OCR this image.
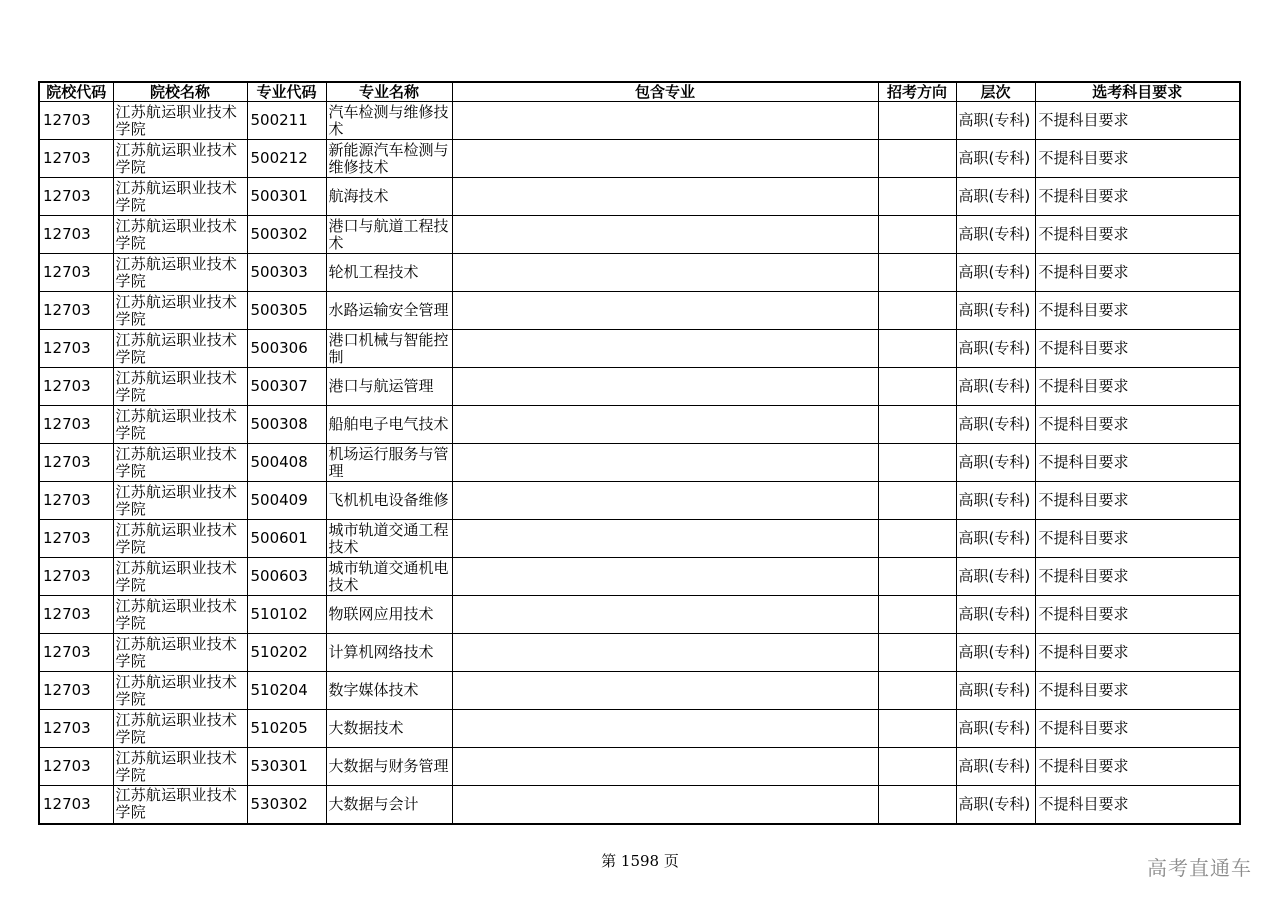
院校代码	院校名称	专业代码	专业名称	包含专业	招考方向	层次	选考科目要求
12703	江苏航运职业技术学院	500211	汽车检测与维修技术			高职(专科)	不提科目要求
12703	江苏航运职业技术学院	500212	新能源汽车检测与维修技术			高职(专科)	不提科目要求
12703	江苏航运职业技术学院	500301	航海技术			高职(专科)	不提科目要求
12703	江苏航运职业技术学院	500302	港口与航道工程技术			高职(专科)	不提科目要求
12703	江苏航运职业技术学院	500303	轮机工程技术			高职(专科)	不提科目要求
12703	江苏航运职业技术学院	500305	水路运输安全管理			高职(专科)	不提科目要求
12703	江苏航运职业技术学院	500306	港口机械与智能控制			高职(专科)	不提科目要求
12703	江苏航运职业技术学院	500307	港口与航运管理			高职(专科)	不提科目要求
12703	江苏航运职业技术学院	500308	船舶电子电气技术			高职(专科)	不提科目要求
12703	江苏航运职业技术学院	500408	机场运行服务与管理			高职(专科)	不提科目要求
12703	江苏航运职业技术学院	500409	飞机机电设备维修			高职(专科)	不提科目要求
12703	江苏航运职业技术学院	500601	城市轨道交通工程技术			高职(专科)	不提科目要求
12703	江苏航运职业技术学院	500603	城市轨道交通机电技术			高职(专科)	不提科目要求
12703	江苏航运职业技术学院	510102	物联网应用技术			高职(专科)	不提科目要求
12703	江苏航运职业技术学院	510202	计算机网络技术			高职(专科)	不提科目要求
12703	江苏航运职业技术学院	510204	数字媒体技术			高职(专科)	不提科目要求
12703	江苏航运职业技术学院	510205	大数据技术			高职(专科)	不提科目要求
12703	江苏航运职业技术学院	530301	大数据与财务管理			高职(专科)	不提科目要求
12703	江苏航运职业技术学院	530302	大数据与会计			高职(专科)	不提科目要求
第 1598 页	高考直通车
